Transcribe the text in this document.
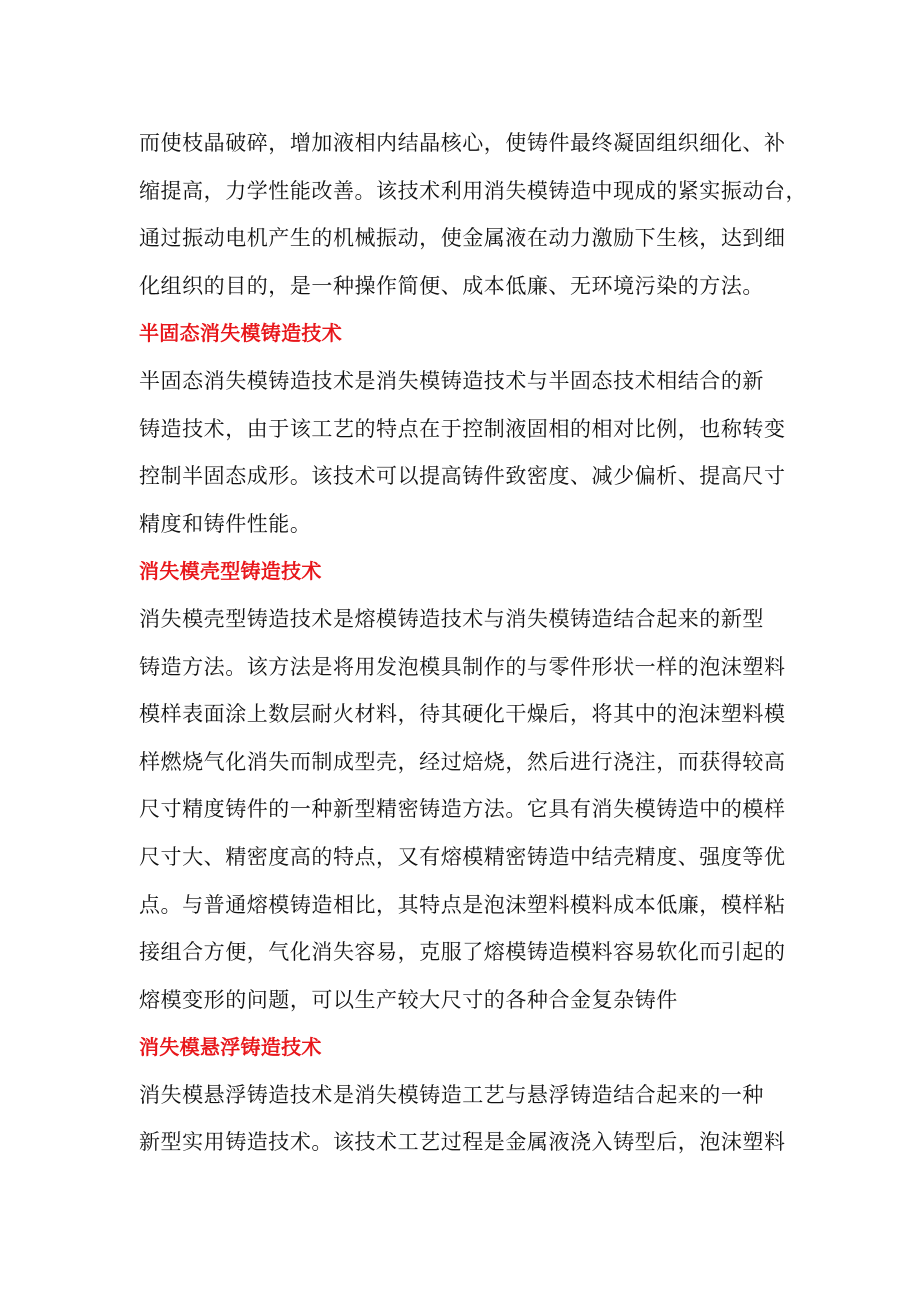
而使枝晶破碎，增加液相内结晶核心，使铸件最终凝固组织细化、补
缩提高，力学性能改善。该技术利用消失模铸造中现成的紧实振动台，
通过振动电机产生的机械振动，使金属液在动力激励下生核，达到细
化组织的目的，是一种操作简便、成本低廉、无环境污染的方法。
半固态消失模铸造技术
半固态消失模铸造技术是消失模铸造技术与半固态技术相结合的新
铸造技术，由于该工艺的特点在于控制液固相的相对比例，也称转变
控制半固态成形。该技术可以提高铸件致密度、减少偏析、提高尺寸
精度和铸件性能。
消失模壳型铸造技术
消失模壳型铸造技术是熔模铸造技术与消失模铸造结合起来的新型
铸造方法。该方法是将用发泡模具制作的与零件形状一样的泡沫塑料
模样表面涂上数层耐火材料，待其硬化干燥后，将其中的泡沫塑料模
样燃烧气化消失而制成型壳，经过焙烧，然后进行浇注，而获得较高
尺寸精度铸件的一种新型精密铸造方法。它具有消失模铸造中的模样
尺寸大、精密度高的特点，又有熔模精密铸造中结壳精度、强度等优
点。与普通熔模铸造相比，其特点是泡沫塑料模料成本低廉，模样粘
接组合方便，气化消失容易，克服了熔模铸造模料容易软化而引起的
熔模变形的问题，可以生产较大尺寸的各种合金复杂铸件
消失模悬浮铸造技术
消失模悬浮铸造技术是消失模铸造工艺与悬浮铸造结合起来的一种
新型实用铸造技术。该技术工艺过程是金属液浇入铸型后，泡沫塑料
